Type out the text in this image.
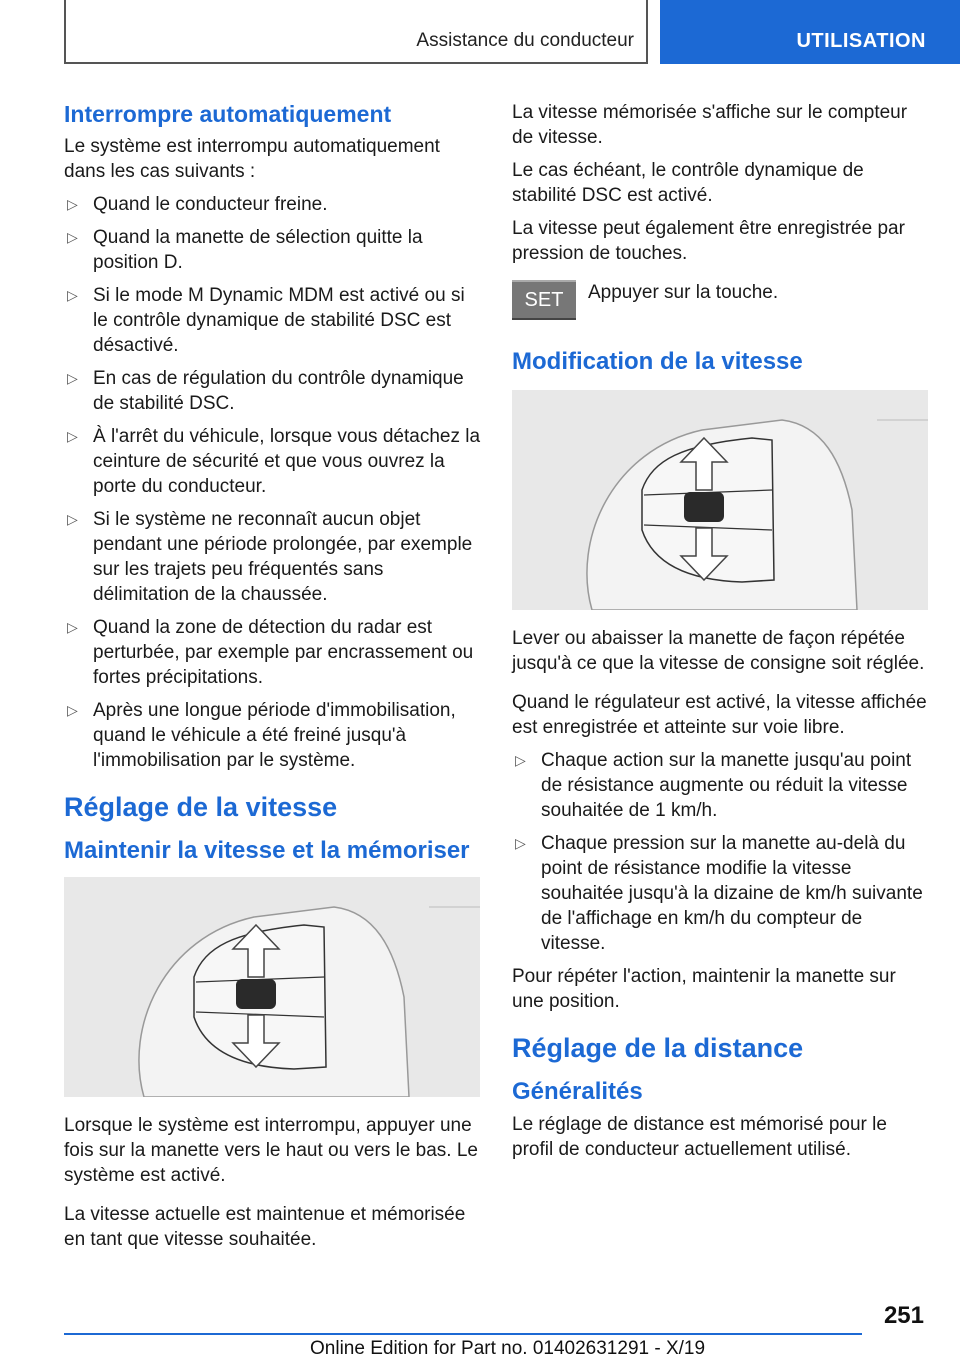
Assistance du conducteur	UTILISATION
Interrompre automatiquement

Le système est interrompu automatiquement dans les cas suivants :

▷ Quand le conducteur freine.
▷ Quand la manette de sélection quitte la position D.
▷ Si le mode M Dynamic MDM est activé ou si le contrôle dynamique de stabilité DSC est désactivé.
▷ En cas de régulation du contrôle dynamique de stabilité DSC.
▷ À l'arrêt du véhicule, lorsque vous détachez la ceinture de sécurité et que vous ouvrez la porte du conducteur.
▷ Si le système ne reconnaît aucun objet pendant une période prolongée, par exemple sur les trajets peu fréquentés sans délimitation de la chaussée.
▷ Quand la zone de détection du radar est perturbée, par exemple par encrassement ou fortes précipitations.
▷ Après une longue période d'immobilisation, quand le véhicule a été freiné jusqu'à l'immobilisation par le système.
Réglage de la vitesse
Maintenir la vitesse et la mémoriser

Lorsque le système est interrompu, appuyer une fois sur la manette vers le haut ou vers le bas. Le système est activé.

La vitesse actuelle est maintenue et mémorisée en tant que vitesse souhaitée.

La vitesse mémorisée s'affiche sur le compteur de vitesse.

Le cas échéant, le contrôle dynamique de stabilité DSC est activé.

La vitesse peut également être enregistrée par pression de touches.

SET	Appuyer sur la touche.
Modification de la vitesse

Lever ou abaisser la manette de façon répétée jusqu'à ce que la vitesse de consigne soit réglée.

Quand le régulateur est activé, la vitesse affichée est enregistrée et atteinte sur voie libre.

▷ Chaque action sur la manette jusqu'au point de résistance augmente ou réduit la vitesse souhaitée de 1 km/h.
▷ Chaque pression sur la manette au-delà du point de résistance modifie la vitesse souhaitée jusqu'à la dizaine de km/h suivante de l'affichage en km/h du compteur de vitesse.

Pour répéter l'action, maintenir la manette sur une position.

Réglage de la distance
Généralités

Le réglage de distance est mémorisé pour le profil de conducteur actuellement utilisé.

251
Online Edition for Part no. 01402631291 - X/19
